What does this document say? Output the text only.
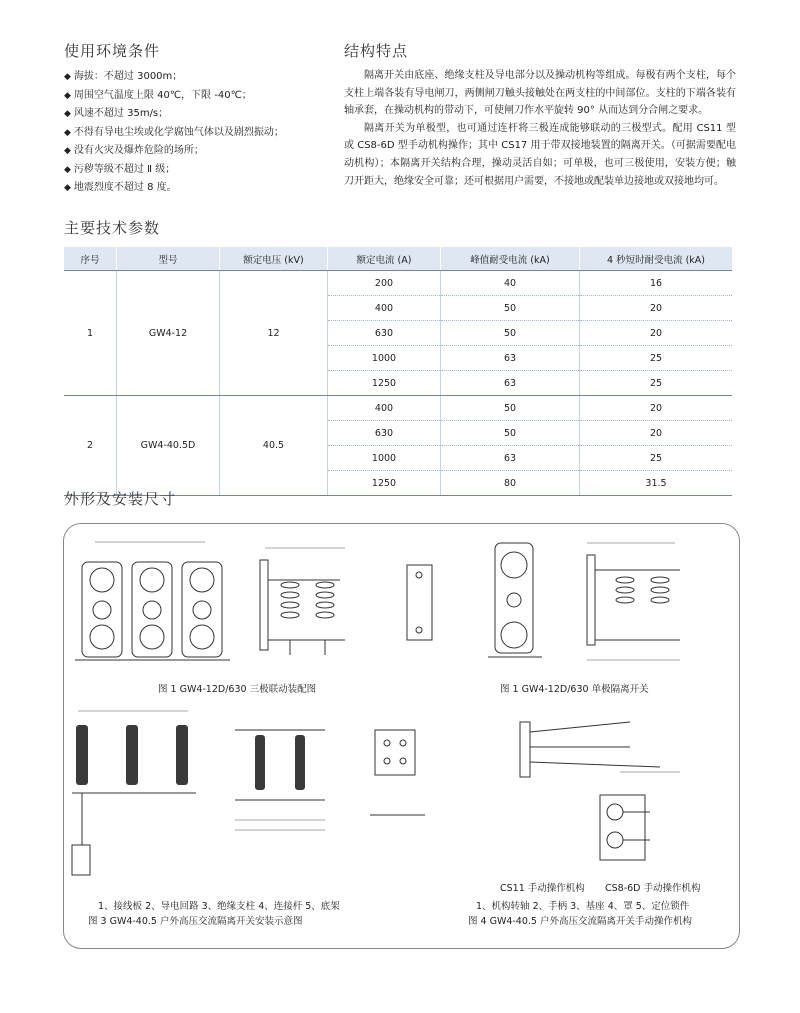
使用环境条件
◆ 海拔：不超过 3000m；
◆ 周围空气温度上限 40℃，下限 -40℃；
◆ 风速不超过 35m/s；
◆ 不得有导电尘埃或化学腐蚀气体以及剧烈振动；
◆ 没有火灾及爆炸危险的场所；
◆ 污秽等级不超过 Ⅱ 级；
◆ 地震烈度不超过 8 度。
结构特点

隔离开关由底座、绝缘支柱及导电部分以及操动机构等组成。每极有两个支柱，每个支柱上端各装有导电闸刀，两侧闸刀触头接触处在两支柱的中间部位。支柱的下端各装有轴承套，在操动机构的带动下，可使闸刀作水平旋转 90° 从而达到分合闸之要求。

隔离开关为单极型，也可通过连杆将三极连成能够联动的三极型式。配用 CS11 型或 CS8-6D 型手动机构操作；其中 CS17 用于带双接地装置的隔离开关。（可据需要配电动机构）；本隔离开关结构合理，操动灵活自如；可单极，也可三极使用，安装方便；触刀开距大，绝缘安全可靠；还可根据用户需要，不接地或配装单边接地或双接地均可。

主要技术参数
序号	型号	额定电压 (kV)	额定电流 (A)	峰值耐受电流 (kA)	4 秒短时耐受电流 (kA)
1	GW4-12	12	200	40	16
			400	50	20
			630	50	20
			1000	63	25
			1250	63	25
2	GW4-40.5D	40.5	400	50	20
			630	50	20
			1000	63	25
			1250	80	31.5
外形及安装尺寸
图 1 GW4-12D/630 三极联动装配图	图 1 GW4-12D/630 单极隔离开关
CS11 手动操作机构 CS8-6D 手动操作机构
1、接线板 2、导电回路 3、绝缘支柱 4、连接杆 5、底架
图 3 GW4-40.5 户外高压交流隔离开关安装示意图
1、机构转轴 2、手柄 3、基座 4、罩 5、定位锁件
图 4 GW4-40.5 户外高压交流隔离开关手动操作机构
